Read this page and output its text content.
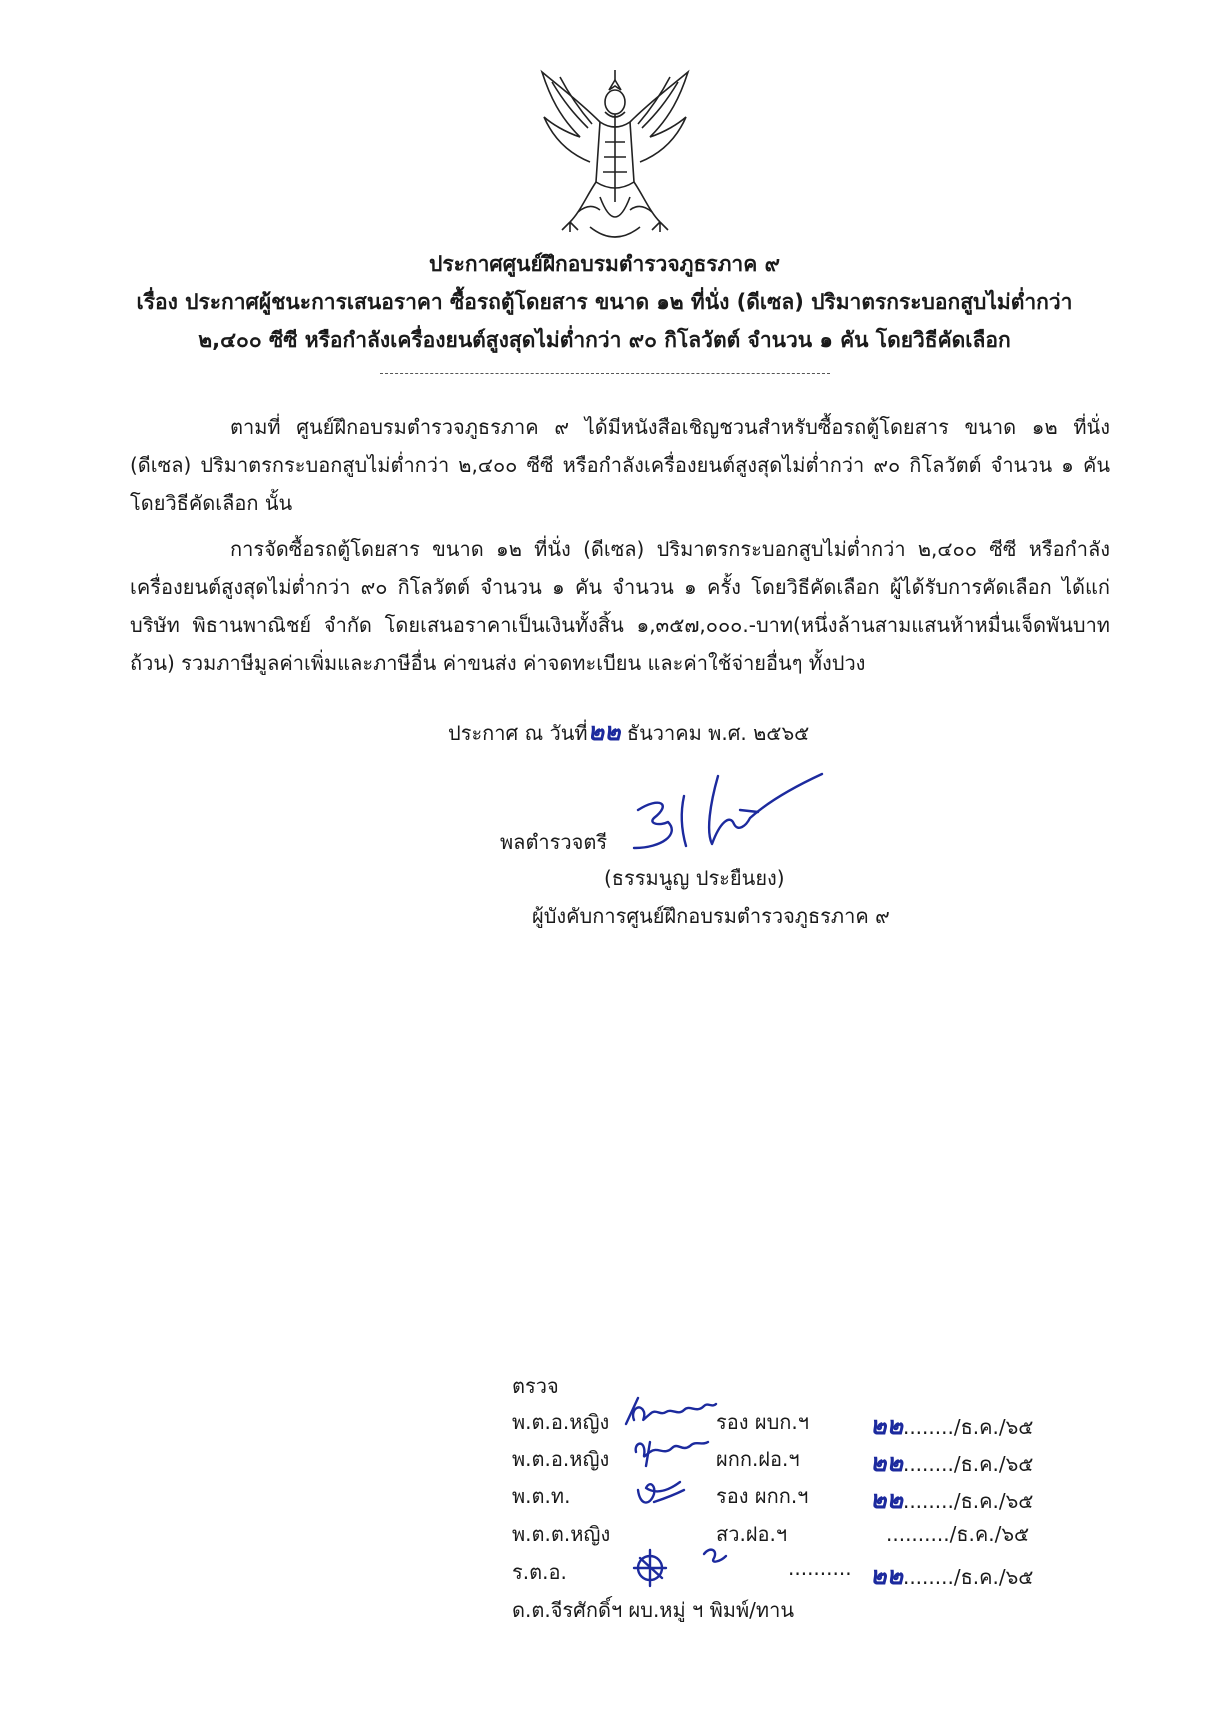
ประกาศศูนย์ฝึกอบรมตำรวจภูธรภาค ๙
เรื่อง ประกาศผู้ชนะการเสนอราคา ซื้อรถตู้โดยสาร ขนาด ๑๒ ที่นั่ง (ดีเซล) ปริมาตรกระบอกสูบไม่ต่ำกว่า
๒,๔๐๐ ซีซี หรือกำลังเครื่องยนต์สูงสุดไม่ต่ำกว่า ๙๐ กิโลวัตต์ จำนวน ๑ คัน โดยวิธีคัดเลือก
ตามที่ ศูนย์ฝึกอบรมตำรวจภูธรภาค ๙ ได้มีหนังสือเชิญชวนสำหรับซื้อรถตู้โดยสาร ขนาด ๑๒ ที่นั่ง (ดีเซล) ปริมาตรกระบอกสูบไม่ต่ำกว่า ๒,๔๐๐ ซีซี หรือกำลังเครื่องยนต์สูงสุดไม่ต่ำกว่า ๙๐ กิโลวัตต์ จำนวน ๑ คัน โดยวิธีคัดเลือก นั้น
การจัดซื้อรถตู้โดยสาร ขนาด ๑๒ ที่นั่ง (ดีเซล) ปริมาตรกระบอกสูบไม่ต่ำกว่า ๒,๔๐๐ ซีซี หรือกำลังเครื่องยนต์สูงสุดไม่ต่ำกว่า ๙๐ กิโลวัตต์ จำนวน ๑ คัน จำนวน ๑ ครั้ง โดยวิธีคัดเลือก ผู้ได้รับการคัดเลือก ได้แก่ บริษัท พิธานพาณิชย์ จำกัด โดยเสนอราคาเป็นเงินทั้งสิ้น ๑,๓๕๗,๐๐๐.-บาท(หนึ่งล้านสามแสนห้าหมื่นเจ็ดพันบาทถ้วน) รวมภาษีมูลค่าเพิ่มและภาษีอื่น ค่าขนส่ง ค่าจดทะเบียน และค่าใช้จ่ายอื่นๆ ทั้งปวง
ประกาศ ณ วันที่๒๒ ธันวาคม พ.ศ. ๒๕๖๕
พลตำรวจตรี
(ธรรมนูญ ประยืนยง)
ผู้บังคับการศูนย์ฝึกอบรมตำรวจภูธรภาค ๙
ตรวจ
พ.ต.อ.หญิง	รอง ผบก.ฯ ๒๒......../ธ.ค./๖๕
พ.ต.อ.หญิง	ผกก.ฝอ.ฯ	๒๒......../ธ.ค./๖๕
พ.ต.ท.	รอง ผกก.ฯ ๒๒......../ธ.ค./๖๕
พ.ต.ต.หญิง	สว.ฝอ.ฯ	........../ธ.ค./๖๕
ร.ต.อ.	.......... ๒๒......../ธ.ค./๖๕
ด.ต.จีรศักดิ์ฯ ผบ.หมู่ ฯ พิมพ์/ทาน
